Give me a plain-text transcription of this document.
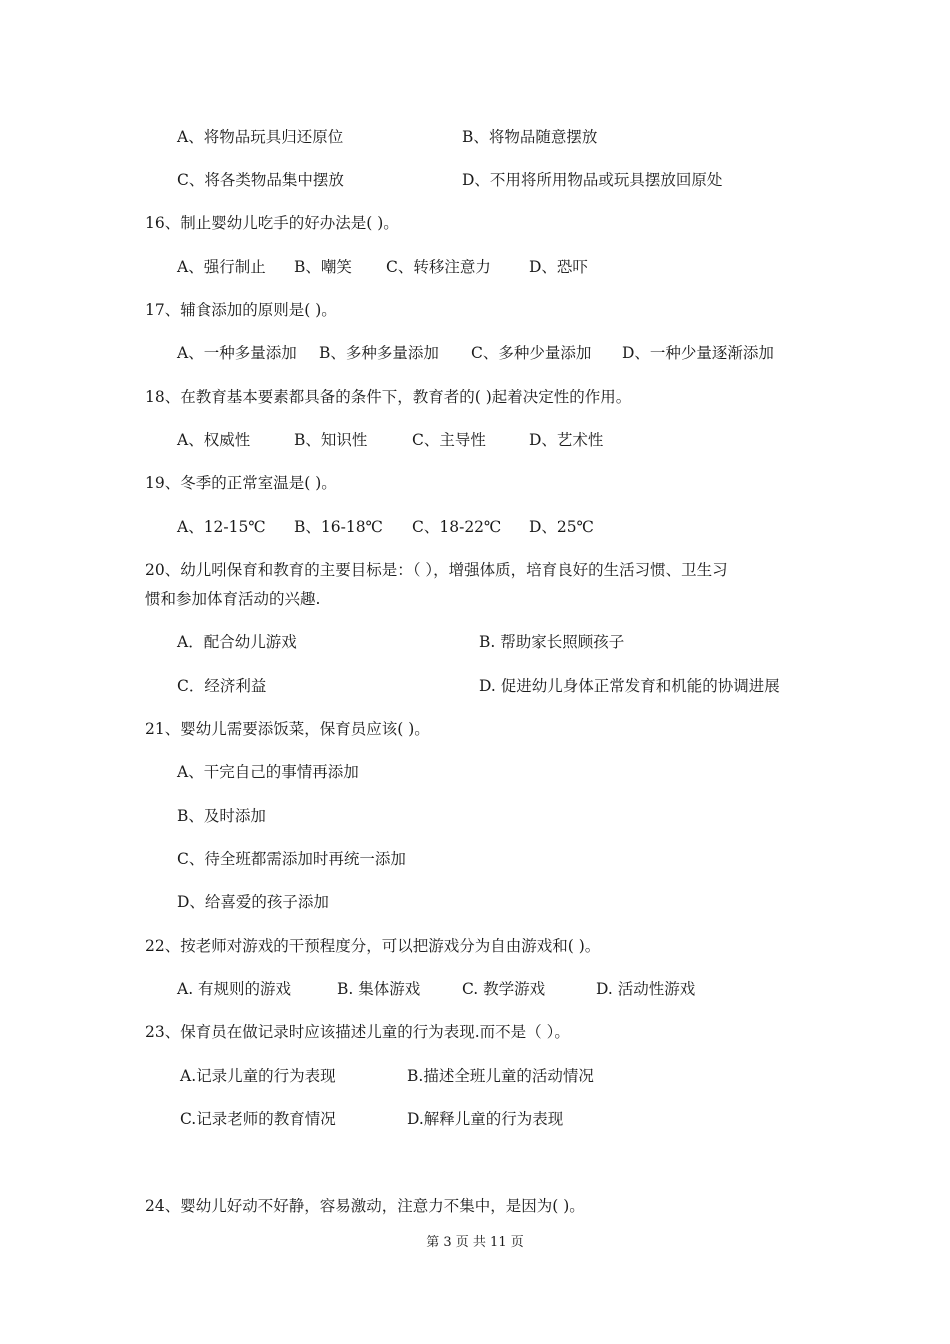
A、将物品玩具归还原位	B、将物品随意摆放
C、将各类物品集中摆放	D、不用将所用物品或玩具摆放回原处
16、制止婴幼儿吃手的好办法是( )。
A、强行制止 B、嘲笑 C、转移注意力 D、恐吓
17、辅食添加的原则是( )。
A、一种多量添加 B、多种多量添加 C、多种少量添加 D、一种少量逐渐添加
18、在教育基本要素都具备的条件下，教育者的( )起着决定性的作用。
A、权威性	B、知识性	C、主导性	D、艺术性
19、冬季的正常室温是( )。
A、12-15℃ B、16-18℃ C、18-22℃ D、25℃
20、幼儿吲保育和教育的主要目标是：（ ），增强体质，培育良好的生活习惯、卫生习
惯和参加体育活动的兴趣.
A．配合幼儿游戏	B. 帮助家长照顾孩子
C．经济利益	D. 促进幼儿身体正常发育和机能的协调进展
21、婴幼儿需要添饭菜，保育员应该( )。
A、干完自己的事情再添加
B、及时添加
C、待全班都需添加时再统一添加
D、给喜爱的孩子添加
22、按老师对游戏的干预程度分，可以把游戏分为自由游戏和( )。
A. 有规则的游戏	B. 集体游戏	C. 教学游戏	D. 活动性游戏
23、保育员在做记录时应该描述儿童的行为表现.而不是（ ）。
A.记录儿童的行为表现	B.描述全班儿童的活动情况
C.记录老师的教育情况	D.解释儿童的行为表现
24、婴幼儿好动不好静，容易激动，注意力不集中，是因为( )。
第 3 页 共 11 页
